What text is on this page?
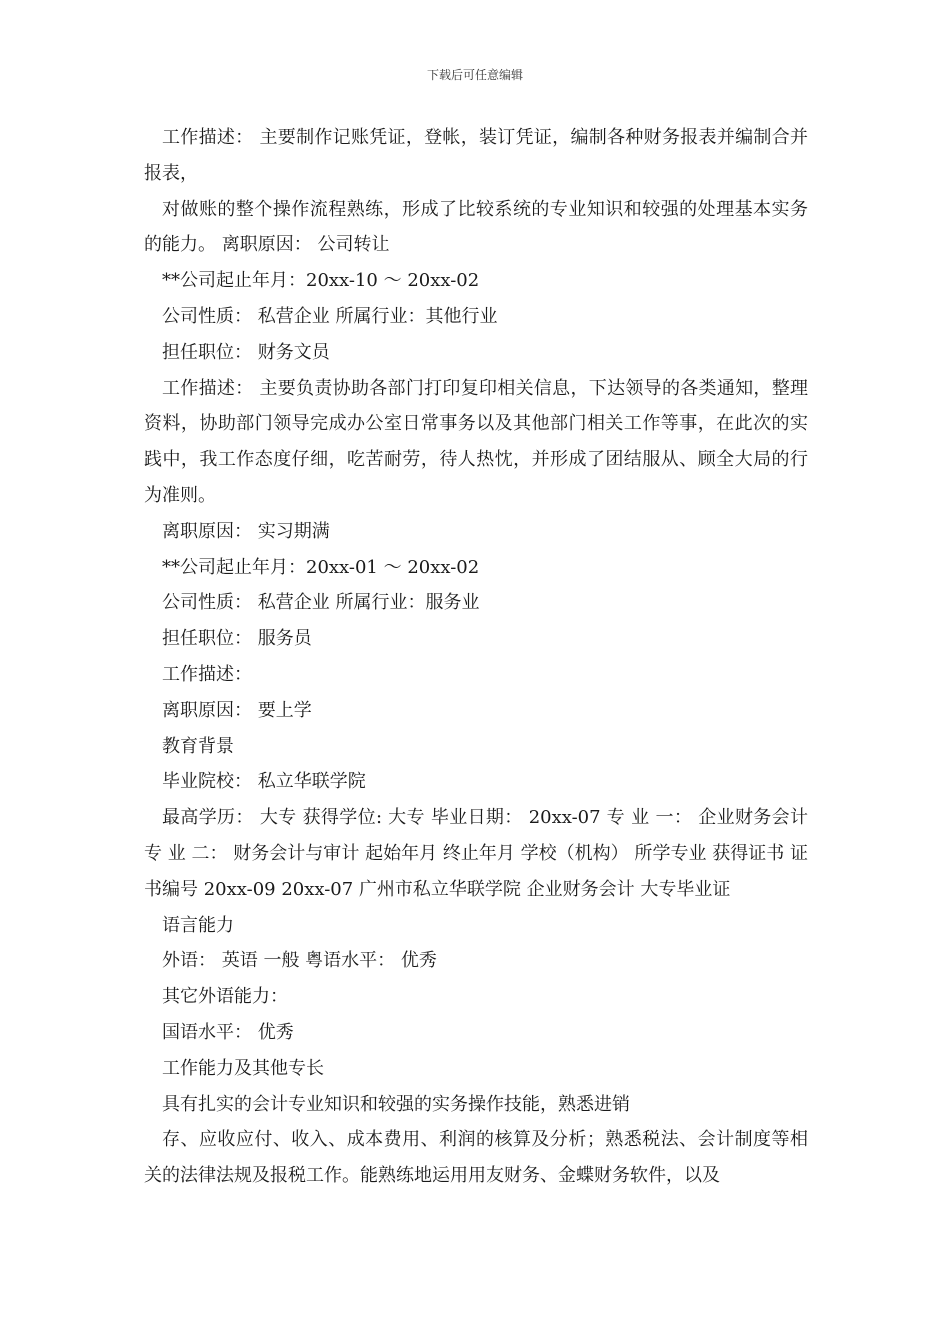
下载后可任意编辑

工作描述： 主要制作记账凭证，登帐，装订凭证，编制各种财务报表并编制合并报表，

对做账的整个操作流程熟练，形成了比较系统的专业知识和较强的处理基本实务的能力。 离职原因： 公司转让

**公司起止年月：20xx-10 ～ 20xx-02

公司性质： 私营企业 所属行业：其他行业

担任职位： 财务文员

工作描述： 主要负责协助各部门打印复印相关信息，下达领导的各类通知，整理资料，协助部门领导完成办公室日常事务以及其他部门相关工作等事，在此次的实践中，我工作态度仔细，吃苦耐劳，待人热忱，并形成了团结服从、顾全大局的行为准则。

离职原因： 实习期满

**公司起止年月：20xx-01 ～ 20xx-02

公司性质： 私营企业 所属行业：服务业

担任职位： 服务员

工作描述：

离职原因： 要上学

教育背景

毕业院校： 私立华联学院

最高学历： 大专 获得学位: 大专 毕业日期： 20xx-07 专 业 一： 企业财务会计 专 业 二： 财务会计与审计 起始年月 终止年月 学校（机构） 所学专业 获得证书 证书编号 20xx-09 20xx-07 广州市私立华联学院 企业财务会计 大专毕业证

语言能力

外语： 英语 一般 粤语水平： 优秀

其它外语能力：

国语水平： 优秀

工作能力及其他专长

具有扎实的会计专业知识和较强的实务操作技能，熟悉进销

存、应收应付、收入、成本费用、利润的核算及分析；熟悉税法、会计制度等相关的法律法规及报税工作。能熟练地运用用友财务、金蝶财务软件，以及
